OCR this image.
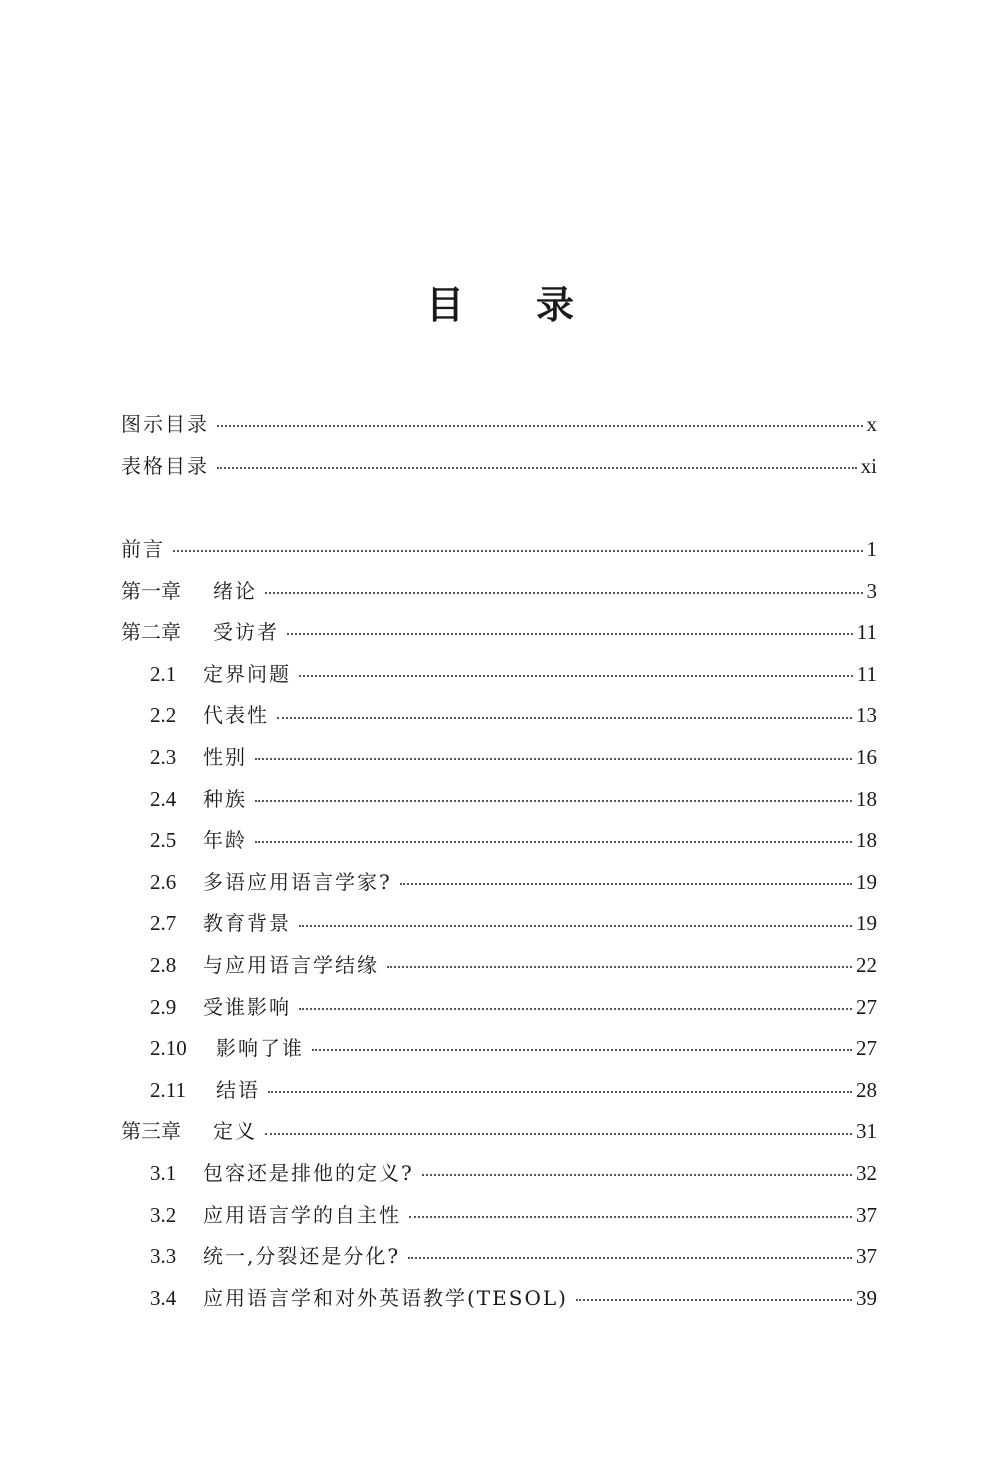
目 录
图示目录	x
表格目录	xi
前言	1
第一章	绪论	3
第二章	受访者	11
2.1	定界问题	11
2.2	代表性	13
2.3	性别	16
2.4	种族	18
2.5	年龄	18
2.6	多语应用语言学家?	19
2.7	教育背景	19
2.8	与应用语言学结缘	22
2.9	受谁影响	27
2.10	影响了谁	27
2.11	结语	28
第三章	定义	31
3.1	包容还是排他的定义?	32
3.2	应用语言学的自主性	37
3.3	统一,分裂还是分化?	37
3.4	应用语言学和对外英语教学(TESOL)	39
